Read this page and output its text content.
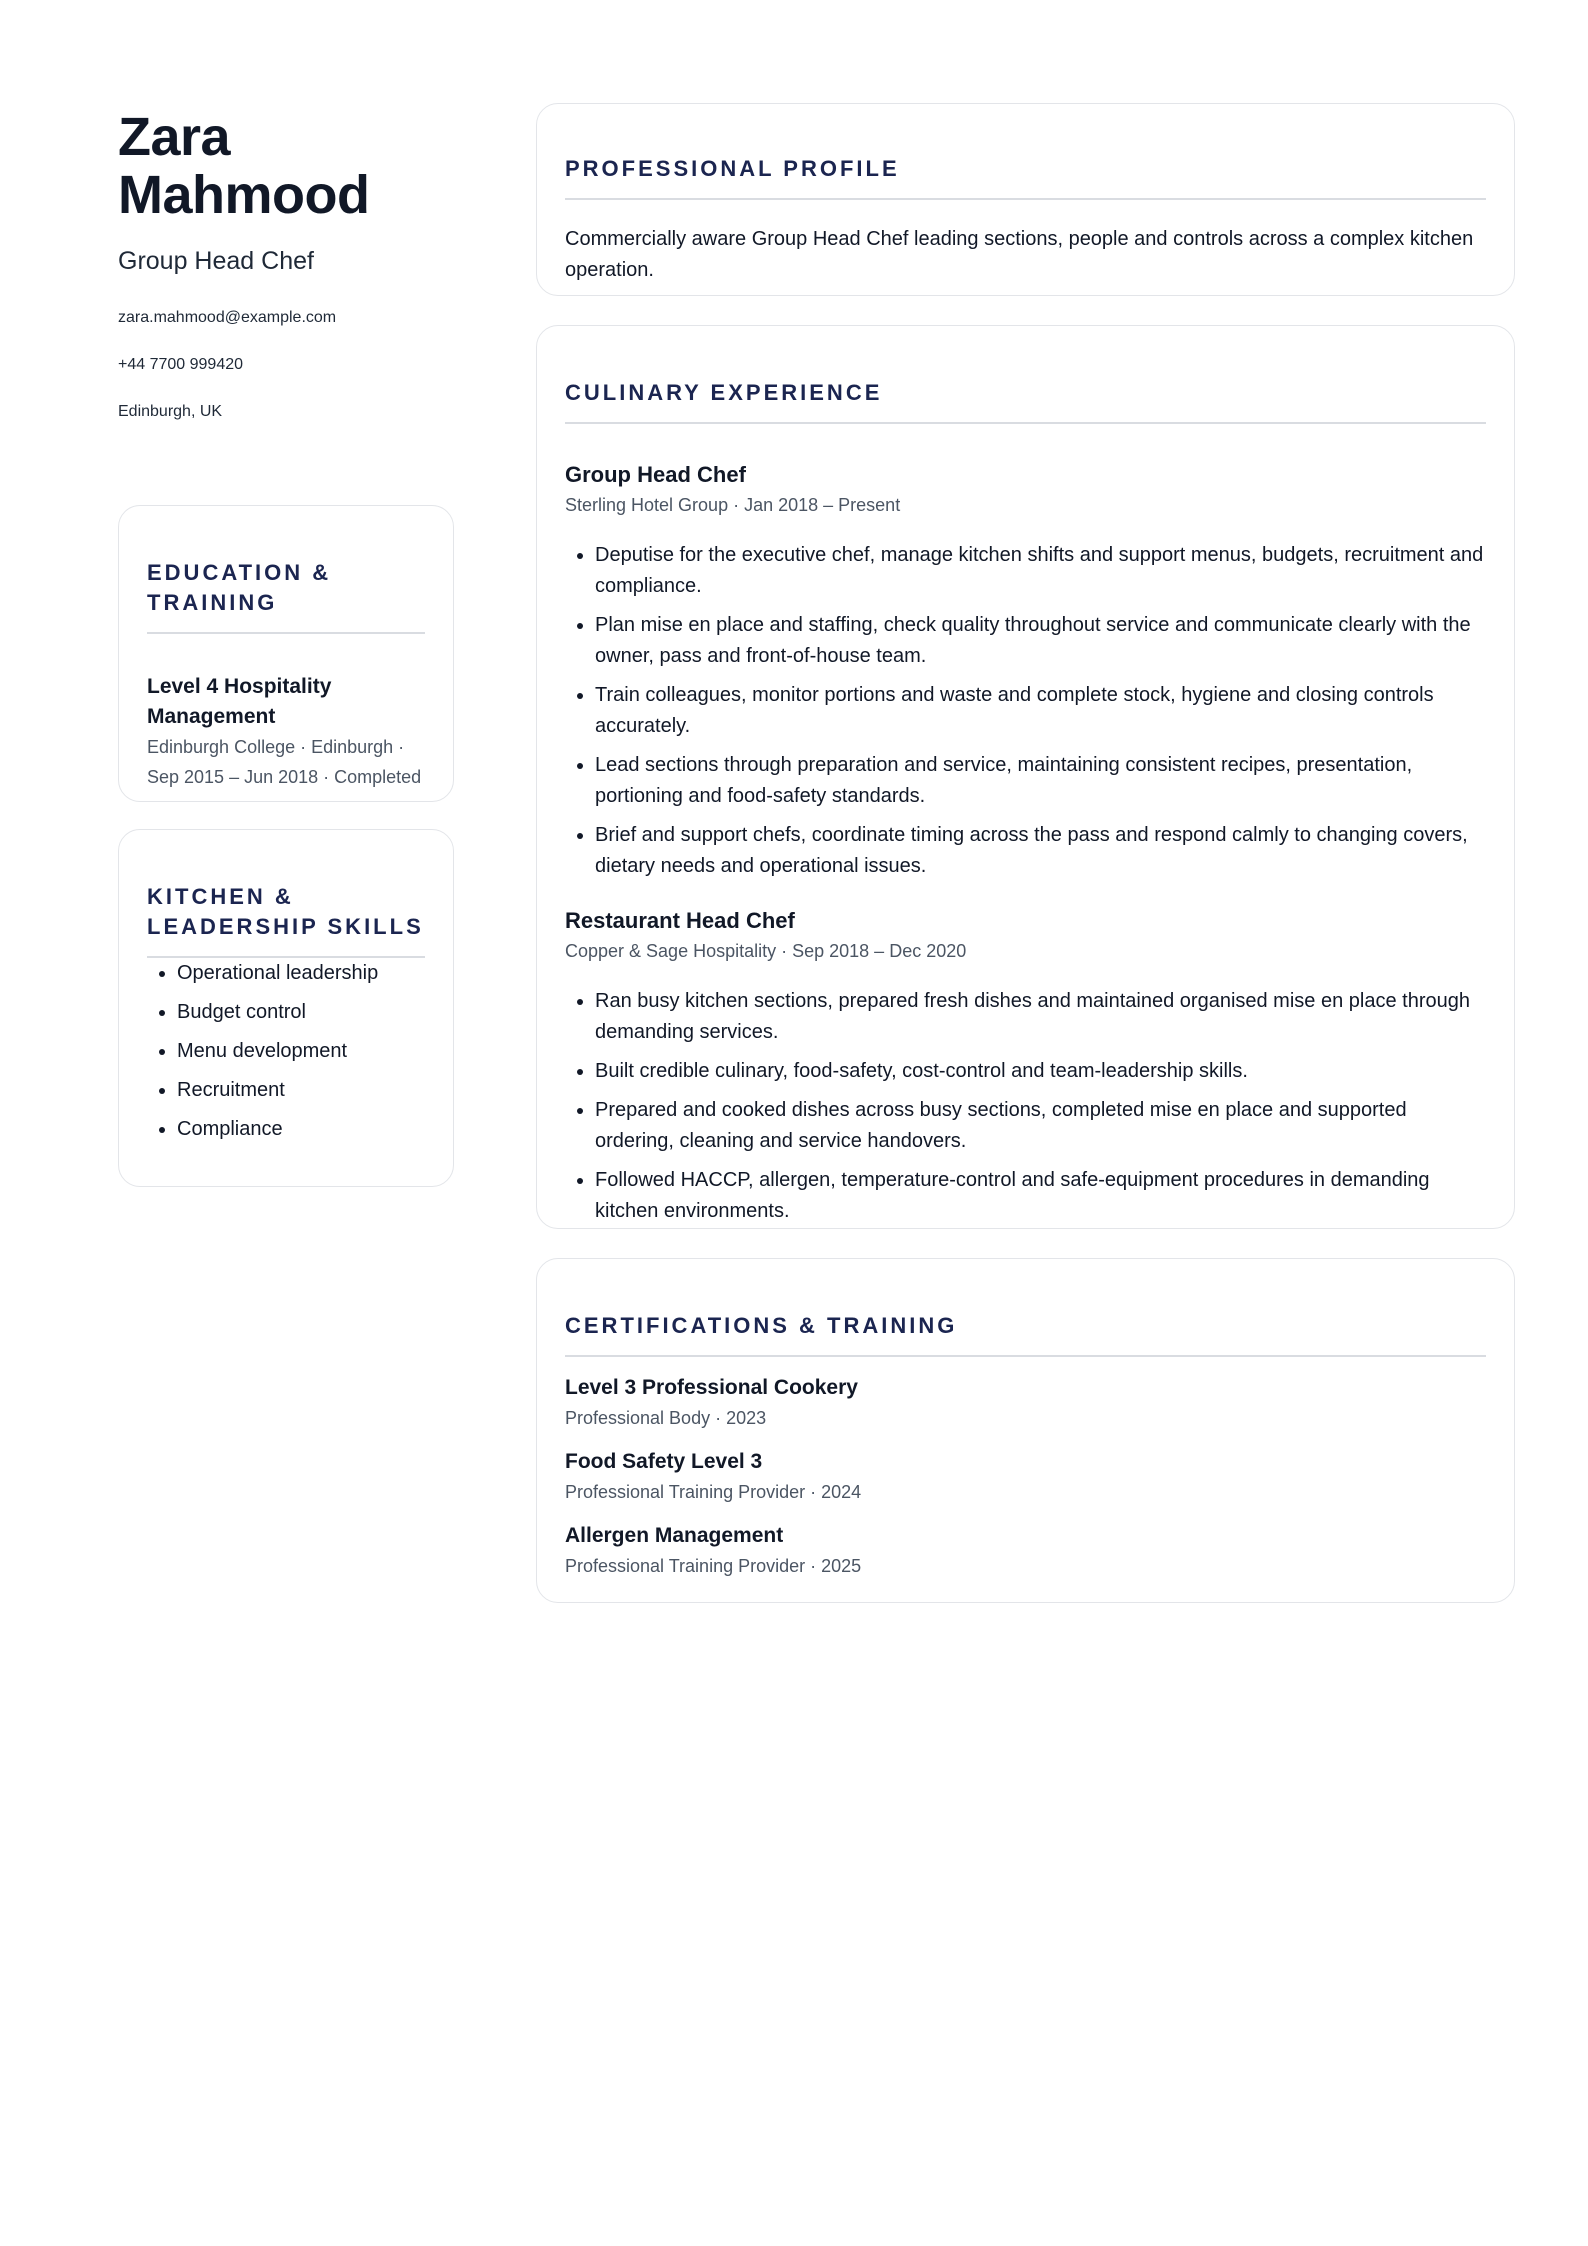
Zara
Mahmood
Group Head Chef
zara.mahmood@example.com
+44 7700 999420
Edinburgh, UK
EDUCATION & TRAINING
Level 4 Hospitality Management
Edinburgh College · Edinburgh · Sep 2015 – Jun 2018 · Completed
KITCHEN & LEADERSHIP SKILLS
• Operational leadership
• Budget control
• Menu development
• Recruitment
• Compliance
PROFESSIONAL PROFILE
Commercially aware Group Head Chef leading sections, people and controls across a complex kitchen operation.
CULINARY EXPERIENCE
Group Head Chef
Sterling Hotel Group · Jan 2018 – Present
• Deputise for the executive chef, manage kitchen shifts and support menus, budgets, recruitment and compliance.
• Plan mise en place and staffing, check quality throughout service and communicate clearly with the owner, pass and front-of-house team.
• Train colleagues, monitor portions and waste and complete stock, hygiene and closing controls accurately.
• Lead sections through preparation and service, maintaining consistent recipes, presentation, portioning and food-safety standards.
• Brief and support chefs, coordinate timing across the pass and respond calmly to changing covers, dietary needs and operational issues.
Restaurant Head Chef
Copper & Sage Hospitality · Sep 2018 – Dec 2020
• Ran busy kitchen sections, prepared fresh dishes and maintained organised mise en place through demanding services.
• Built credible culinary, food-safety, cost-control and team-leadership skills.
• Prepared and cooked dishes across busy sections, completed mise en place and supported ordering, cleaning and service handovers.
• Followed HACCP, allergen, temperature-control and safe-equipment procedures in demanding kitchen environments.
CERTIFICATIONS & TRAINING
Level 3 Professional Cookery
Professional Body · 2023
Food Safety Level 3
Professional Training Provider · 2024
Allergen Management
Professional Training Provider · 2025
